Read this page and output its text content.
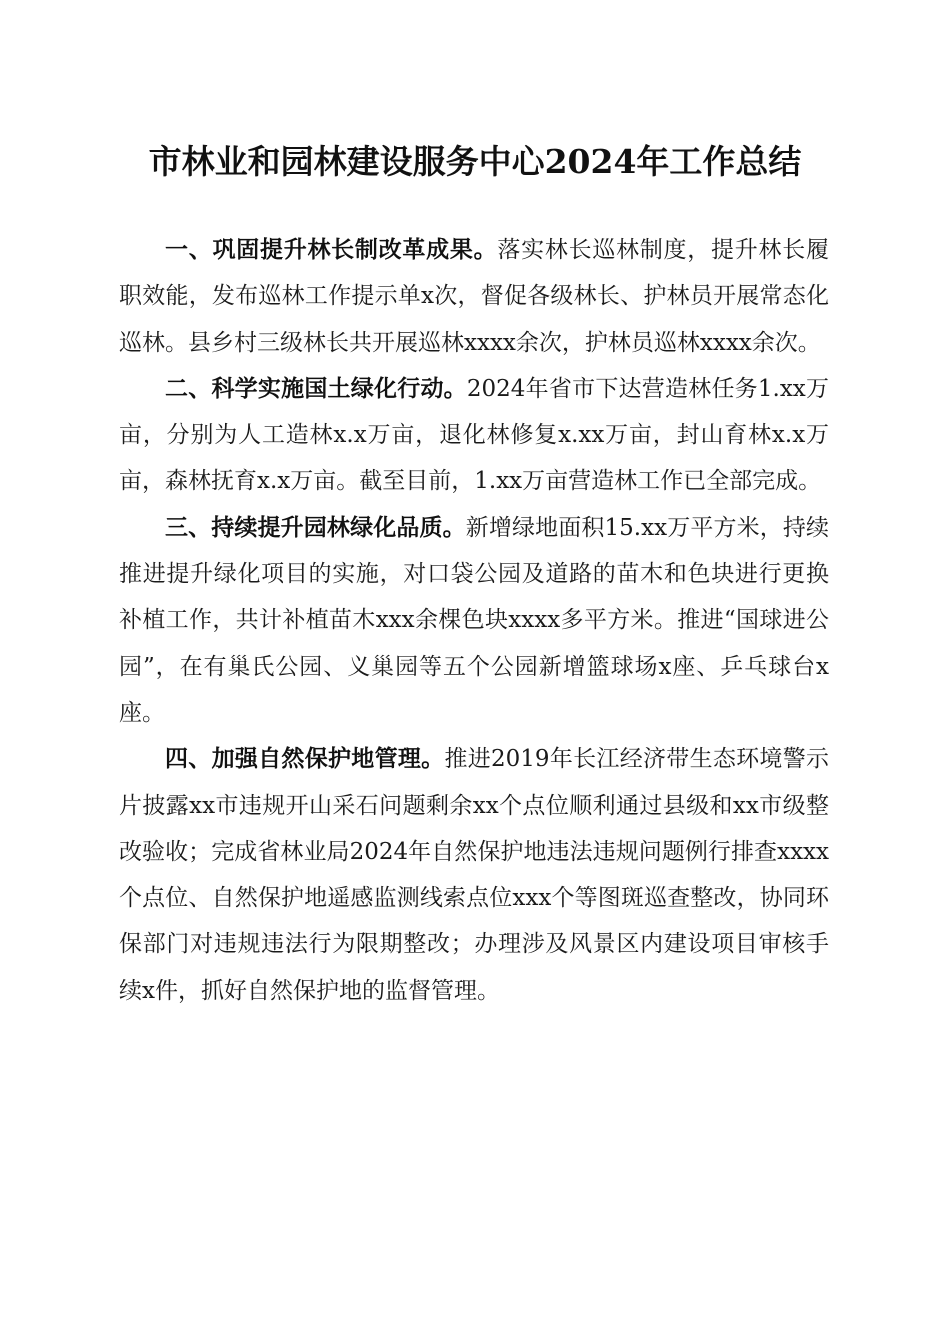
市林业和园林建设服务中心2024年工作总结

一、巩固提升林长制改革成果。落实林长巡林制度，提升林长履职效能，发布巡林工作提示单x次，督促各级林长、护林员开展常态化巡林。县乡村三级林长共开展巡林xxxx余次，护林员巡林xxxx余次。

二、科学实施国土绿化行动。2024年省市下达营造林任务1.xx万亩，分别为人工造林x.x万亩，退化林修复x.xx万亩，封山育林x.x万亩，森林抚育x.x万亩。截至目前，1.xx万亩营造林工作已全部完成。

三、持续提升园林绿化品质。新增绿地面积15.xx万平方米，持续推进提升绿化项目的实施，对口袋公园及道路的苗木和色块进行更换补植工作，共计补植苗木xxx余棵色块xxxx多平方米。推进“国球进公园”，在有巢氏公园、义巢园等五个公园新增篮球场x座、乒乓球台x座。

四、加强自然保护地管理。推进2019年长江经济带生态环境警示片披露xx市违规开山采石问题剩余xx个点位顺利通过县级和xx市级整改验收；完成省林业局2024年自然保护地违法违规问题例行排查xxxx个点位、自然保护地遥感监测线索点位xxx个等图斑巡查整改，协同环保部门对违规违法行为限期整改；办理涉及风景区内建设项目审核手续x件，抓好自然保护地的监督管理。
